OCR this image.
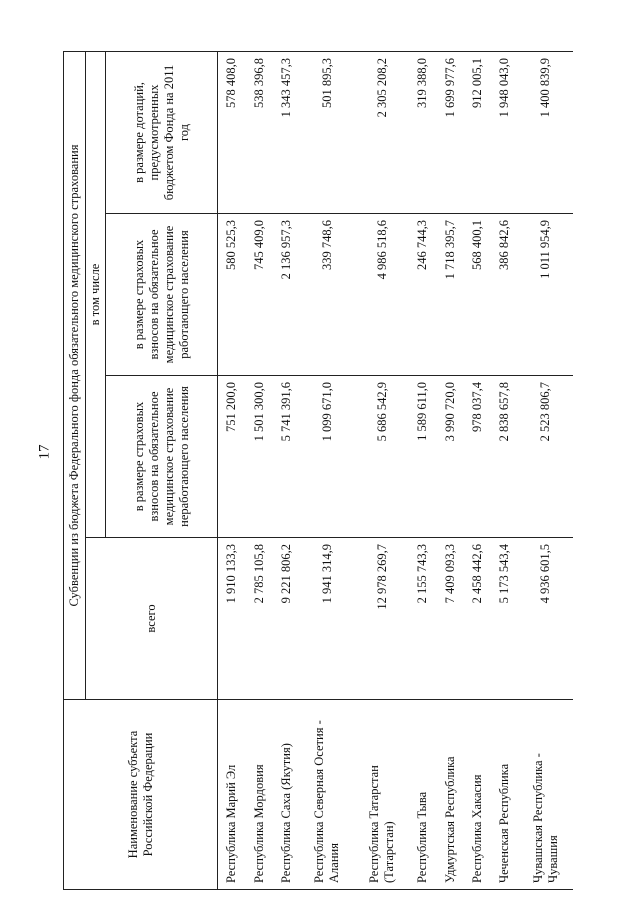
17
Наименование субъекта Российской Федерации	Субвенции из бюджета Федерального фонда обязательного медицинского страхования			
	всего	в том числе		
		в размере страховых взносов на обязательное медицинское страхование неработающего населения	в размере страховых взносов на обязательное медицинское страхование работающего населения	в размере дотаций, предусмотренных бюджетом Фонда на 2011 год
Республика Марий Эл	1 910 133,3	751 200,0	580 525,3	578 408,0
Республика Мордовия	2 785 105,8	1 501 300,0	745 409,0	538 396,8
Республика Саха (Якутия)	9 221 806,2	5 741 391,6	2 136 957,3	1 343 457,3
Республика Северная Осетия - Алания	1 941 314,9	1 099 671,0	339 748,6	501 895,3
Республика Татарстан (Татарстан)	12 978 269,7	5 686 542,9	4 986 518,6	2 305 208,2
Республика Тыва	2 155 743,3	1 589 611,0	246 744,3	319 388,0
Удмуртская Республика	7 409 093,3	3 990 720,0	1 718 395,7	1 699 977,6
Республика Хакасия	2 458 442,6	978 037,4	568 400,1	912 005,1
Чеченская Республика	5 173 543,4	2 838 657,8	386 842,6	1 948 043,0
Чувашская Республика - Чувашия	4 936 601,5	2 523 806,7	1 011 954,9	1 400 839,9
